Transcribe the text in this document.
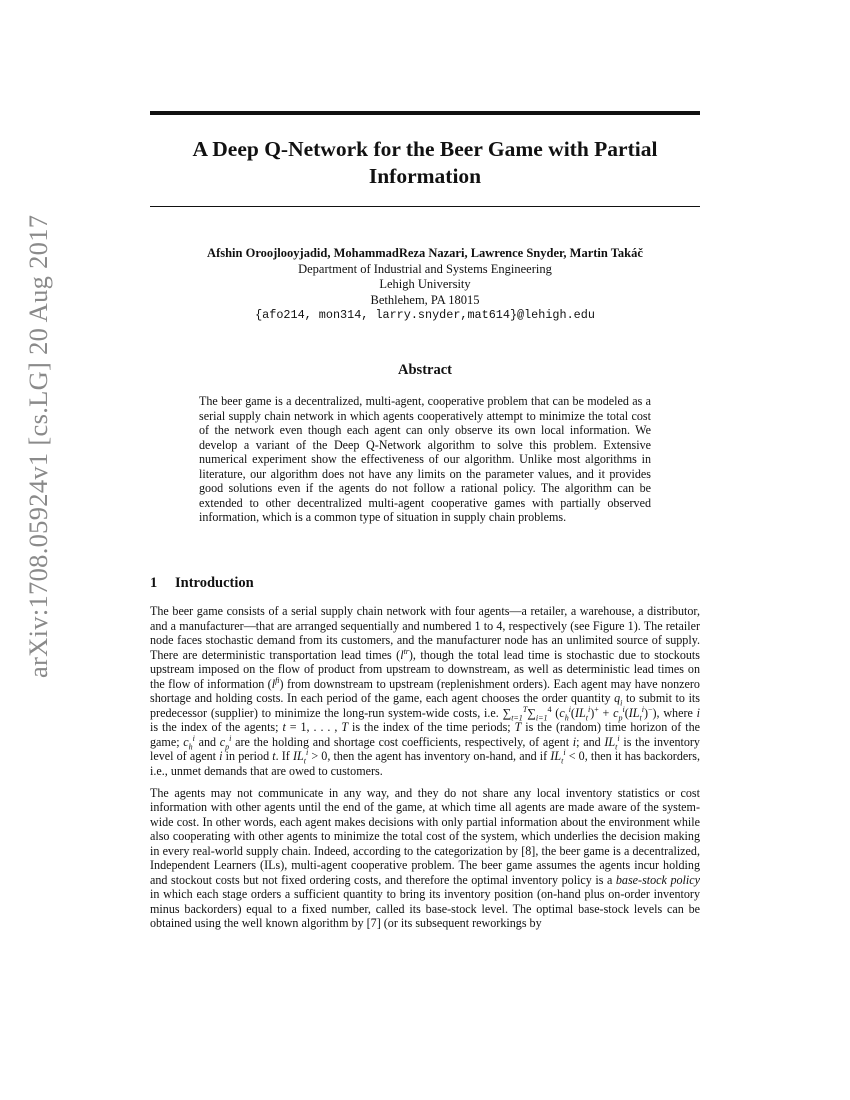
A Deep Q-Network for the Beer Game with Partial
Information
arXiv:1708.05924v1 [cs.LG] 20 Aug 2017	Afshin Oroojlooyjadid, MohammadReza Nazari, Lawrence Snyder, Martin Takáč
Department of Industrial and Systems Engineering
Lehigh University
Bethlehem, PA 18015
{afo214, mon314, larry.snyder,mat614}@lehigh.edu
Abstract

The beer game is a decentralized, multi-agent, cooperative problem that can be modeled as a serial supply chain network in which agents cooperatively attempt to minimize the total cost of the network even though each agent can only observe its own local information. We develop a variant of the Deep Q-Network algorithm to solve this problem. Extensive numerical experiment show the effectiveness of our algorithm. Unlike most algorithms in literature, our algorithm does not have any limits on the parameter values, and it provides good solutions even if the agents do not follow a rational policy. The algorithm can be extended to other decentralized multi-agent cooperative games with partially observed information, which is a common type of situation in supply chain problems.

1 Introduction

The beer game consists of a serial supply chain network with four agents—a retailer, a warehouse, a distributor, and a manufacturer—that are arranged sequentially and numbered 1 to 4, respectively (see Figure 1). The retailer node faces stochastic demand from its customers, and the manufacturer node has an unlimited source of supply. There are deterministic transportation lead times $(l^{tr})$, though the total lead time is stochastic due to stockouts upstream imposed on the flow of product from upstream to downstream, as well as deterministic lead times on the flow of information $(l^{fi})$ from downstream to upstream (replenishment orders). Each agent may have nonzero shortage and holding costs. In each period of the game, each agent chooses the order quantity $q_i$ to submit to its predecessor (supplier) to minimize the long-run system-wide costs, i.e. $\sum_{t=1}^T\sum_{i=1}^4$ $(c_h^i(IL_t^i)^+ + c_p^i(IL_t^i)^-)$, where i is the index of the agents; t = 1, . . . , T is the index of the time periods; T is the (random) time horizon of the game; $c_h^i$ and $c_p^i$ are the holding and shortage cost coefficients, respectively, of agent i; and $IL_t^i$ is the inventory level of agent i in period t. If $IL_t^i > 0$, then the agent has inventory on-hand, and if $IL_t^i < 0$, then it has backorders, i.e., unmet demands that are owed to customers.

The agents may not communicate in any way, and they do not share any local inventory statistics or cost information with other agents until the end of the game, at which time all agents are made aware of the system-wide cost. In other words, each agent makes decisions with only partial information about the environment while also cooperating with other agents to minimize the total cost of the system, which underlies the decision making in every real-world supply chain. Indeed, according to the categorization by [8], the beer game is a decentralized, Independent Learners (ILs), multi-agent cooperative problem. The beer game assumes the agents incur holding and stockout costs but not fixed ordering costs, and therefore the optimal inventory policy is a base-stock policy in which each stage orders a sufficient quantity to bring its inventory position (on-hand plus on-order inventory minus backorders) equal to a fixed number, called its base-stock level. The optimal base-stock levels can be obtained using the well known algorithm by [7] (or its subsequent reworkings by
